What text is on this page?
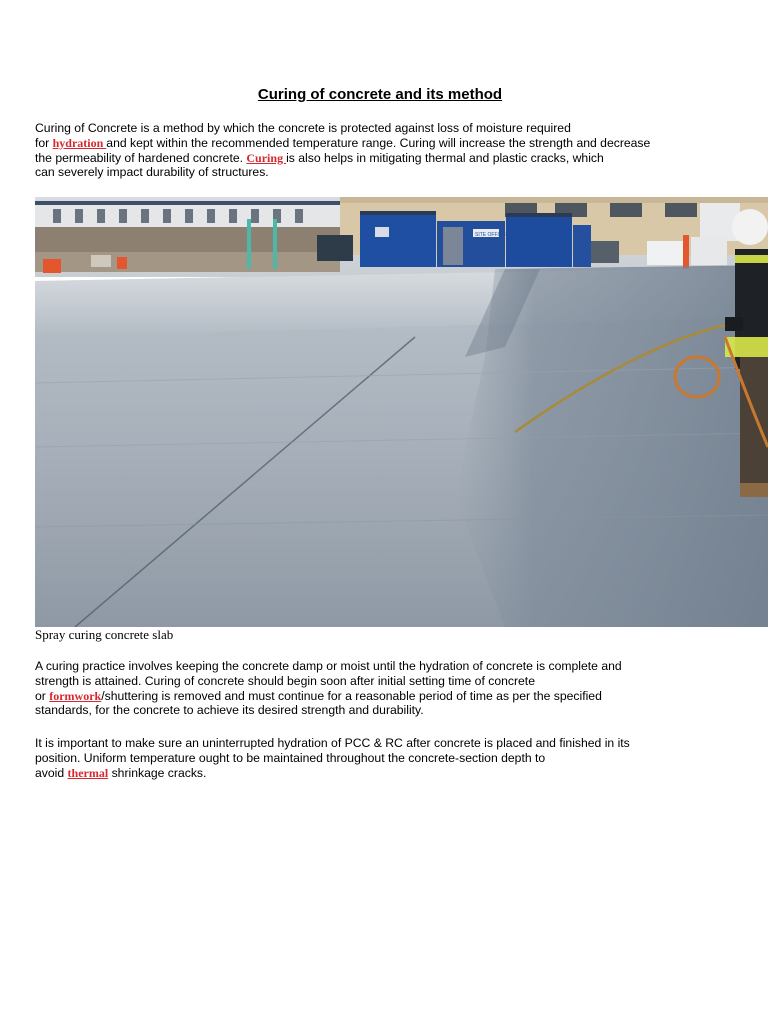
Curing of concrete and its method
Curing of Concrete is a method by which the concrete is protected against loss of moisture required
for hydration and kept within the recommended temperature range. Curing will increase the strength and decrease
the permeability of hardened concrete. Curing is also helps in mitigating thermal and plastic cracks, which
can severely impact durability of structures.
SITE OFFICE
Spray curing concrete slab
A curing practice involves keeping the concrete damp or moist until the hydration of concrete is complete and
strength is attained. Curing of concrete should begin soon after initial setting time of concrete
or formwork/shuttering is removed and must continue for a reasonable period of time as per the specified
standards, for the concrete to achieve its desired strength and durability.
It is important to make sure an uninterrupted hydration of PCC & RC after concrete is placed and finished in its
position. Uniform temperature ought to be maintained throughout the concrete-section depth to
avoid thermal shrinkage cracks.
